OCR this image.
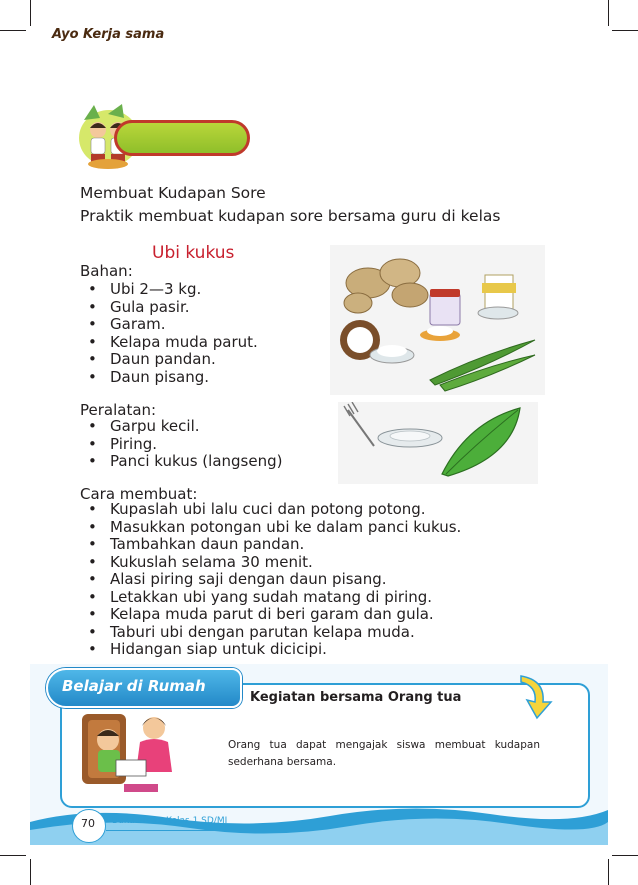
Ayo Kerja sama
Membuat Kudapan Sore
Praktik membuat kudapan sore bersama guru di kelas
Ubi kukus
Bahan:
• Ubi 2—3 kg.
• Gula pasir.
• Garam.
• Kelapa muda parut.
• Daun pandan.
• Daun pisang.
Peralatan:
• Garpu kecil.
• Piring.
• Panci kukus (langseng)
Cara membuat:
• Kupaslah ubi lalu cuci dan potong potong.
• Masukkan potongan ubi ke dalam panci kukus.
• Tambahkan daun pandan.
• Kukuslah selama 30 menit.
• Alasi piring saji dengan daun pisang.
• Letakkan ubi yang sudah matang di piring.
• Kelapa muda parut di beri garam dan gula.
• Taburi ubi dengan parutan kelapa muda.
• Hidangan siap untuk dicicipi.
Belajar di Rumah
Kegiatan bersama Orang tua
Orang tua dapat mengajak siswa membuat kudapan sederhana bersama.
70	Buku Siswa Kelas 1 SD/MI
